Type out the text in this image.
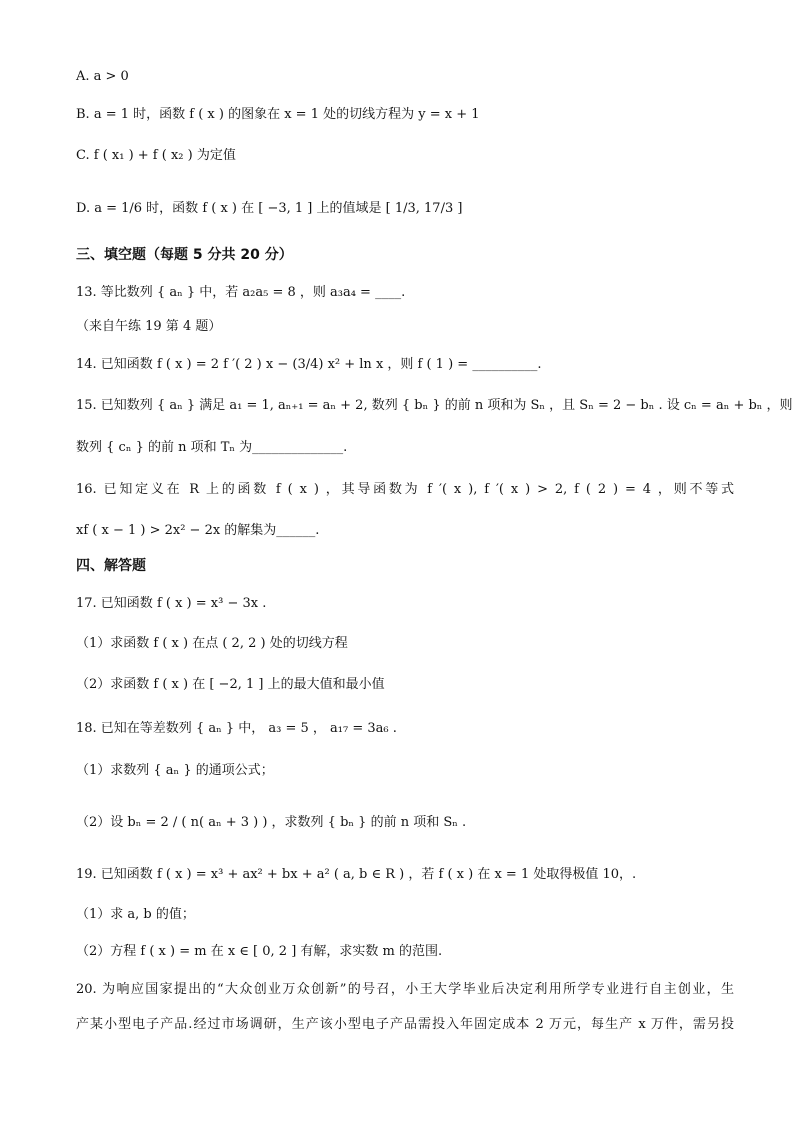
A. a > 0
B. a = 1 时，函数 f ( x ) 的图象在 x = 1 处的切线方程为 y = x + 1
C. f ( x₁ ) + f ( x₂ ) 为定值
D. a = 1/6 时，函数 f ( x ) 在 [ −3, 1 ] 上的值域是 [ 1/3, 17/3 ]
三、填空题（每题 5 分共 20 分）
13. 等比数列 { aₙ } 中，若 a₂a₅ = 8 ，则 a₃a₄ = ____.
（来自午练 19 第 4 题）
14. 已知函数 f ( x ) = 2 f ′( 2 ) x − (3/4) x² + ln x ，则 f ( 1 ) = __________.
15. 已知数列 { aₙ } 满足 a₁ = 1, aₙ₊₁ = aₙ + 2, 数列 { bₙ } 的前 n 项和为 Sₙ ，且 Sₙ = 2 − bₙ . 设 cₙ = aₙ + bₙ ，则
数列 { cₙ } 的前 n 项和 Tₙ 为______________.
16. 已知定义在 R 上的函数 f ( x ) ，其导函数为 f ′( x ), f ′( x ) > 2, f ( 2 ) = 4 ，则不等式
xf ( x − 1 ) > 2x² − 2x 的解集为______.
四、解答题
17. 已知函数 f ( x ) = x³ − 3x .
（1）求函数 f ( x ) 在点 ( 2, 2 ) 处的切线方程
（2）求函数 f ( x ) 在 [ −2, 1 ] 上的最大值和最小值
18. 已知在等差数列 { aₙ } 中， a₃ = 5 ， a₁₇ = 3a₆ .
（1）求数列 { aₙ } 的通项公式；
（2）设 bₙ = 2 / ( n( aₙ + 3 ) ) ，求数列 { bₙ } 的前 n 项和 Sₙ .
19. 已知函数 f ( x ) = x³ + ax² + bx + a² ( a, b ∈ R ) ，若 f ( x ) 在 x = 1 处取得极值 10，.
（1）求 a, b 的值；
（2）方程 f ( x ) = m 在 x ∈ [ 0, 2 ] 有解，求实数 m 的范围.
20. 为响应国家提出的“大众创业万众创新”的号召，小王大学毕业后决定利用所学专业进行自主创业，生
产某小型电子产品.经过市场调研，生产该小型电子产品需投入年固定成本 2 万元，每生产 x 万件，需另投
